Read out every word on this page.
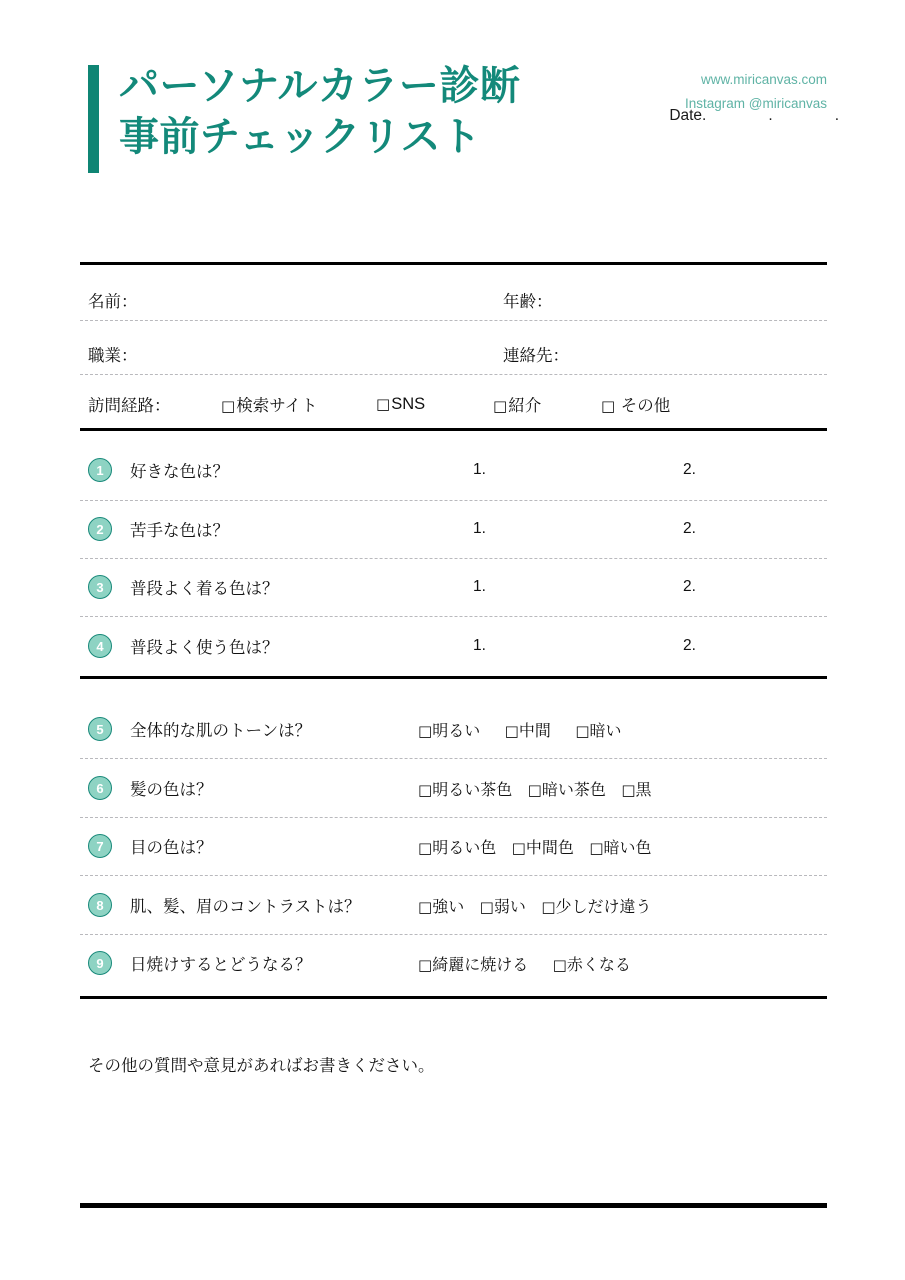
パーソナルカラー診断
事前チェックリスト
www.miricanvas.com
Instagram @miricanvas
Date.	.	.
名前：	年齢：
職業：	連絡先：
訪問経路：	□検索サイト	□SNS	□紹介	□ その他
1	好きな色は？	1.	2.
2	苦手な色は？	1.	2.
3	普段よく着る色は？	1.	2.
4	普段よく使う色は？	1.	2.
5	全体的な肌のトーンは？	□明るい □中間 □暗い
6	髪の色は？	□明るい茶色 □暗い茶色 □黒
7	目の色は？	□明るい色 □中間色 □暗い色
8	肌、髪、眉のコントラストは？	□強い □弱い □少しだけ違う
9	日焼けするとどうなる？	□綺麗に焼ける □赤くなる
その他の質問や意見があればお書きください。
